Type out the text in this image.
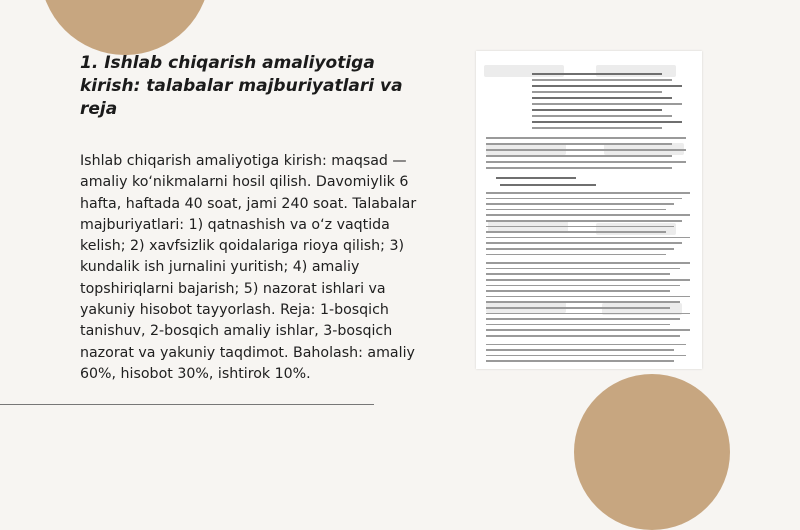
1. Ishlab chiqarish amaliyotiga kirish: talabalar majburiyatlari va reja

Ishlab chiqarish amaliyotiga kirish: maqsad — amaliy ko‘nikmalarni hosil qilish. Davomiylik 6 hafta, haftada 40 soat, jami 240 soat. Talabalar majburiyatlari: 1) qatnashish va o‘z vaqtida kelish; 2) xavfsizlik qoidalariga rioya qilish; 3) kundalik ish jurnalini yuritish; 4) amaliy topshiriqlarni bajarish; 5) nazorat ishlari va yakuniy hisobot tayyorlash. Reja: 1-bosqich tanishuv, 2-bosqich amaliy ishlar, 3-bosqich nazorat va yakuniy taqdimot. Baholash: amaliy 60%, hisobot 30%, ishtirok 10%.
